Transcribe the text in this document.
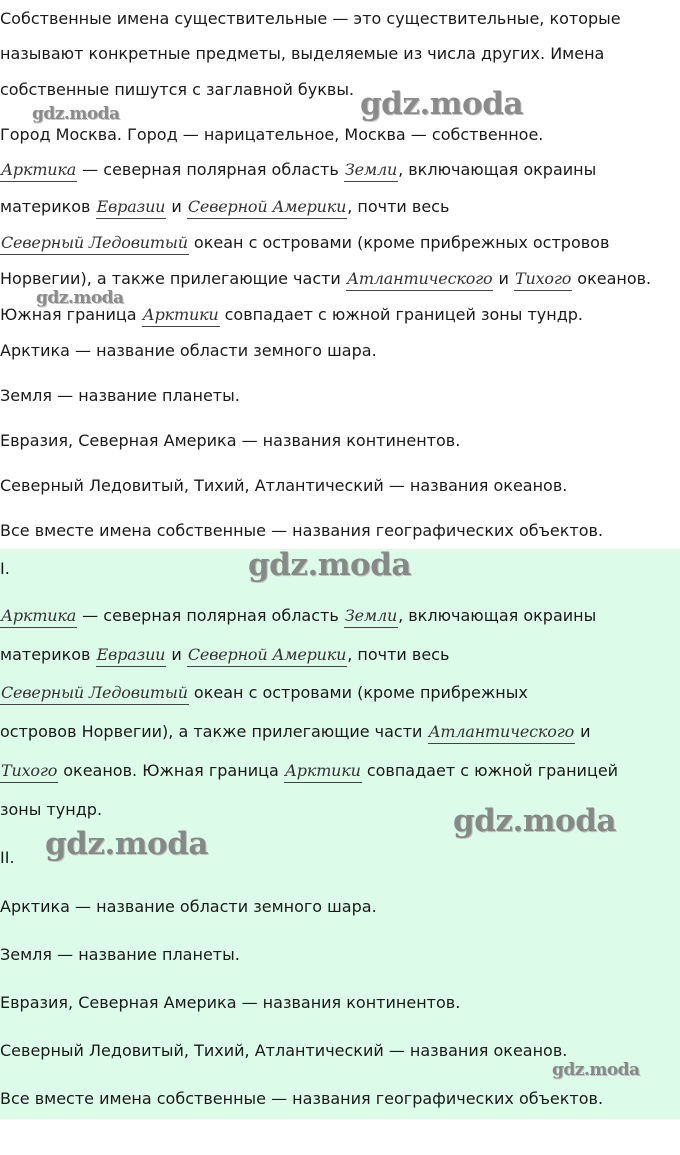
Собственные имена существительные — это существительные, которые
называют конкретные предметы, выделяемые из числа других. Имена
собственные пишутся с заглавной буквы.
Город Москва. Город — нарицательное, Москва — собственное.
Арктика — северная полярная область Земли, включающая окраины
материков Евразии и Северной Америки, почти весь
Северный Ледовитый океан с островами (кроме прибрежных островов
Норвегии), а также прилегающие части Атлантического и Тихого океанов.
Южная граница Арктики совпадает с южной границей зоны тундр.
Арктика — название области земного шара.
Земля — название планеты.
Евразия, Северная Америка — названия континентов.
Северный Ледовитый, Тихий, Атлантический — названия океанов.
Все вместе имена собственные — названия географических объектов.
I.
Арктика — северная полярная область Земли, включающая окраины
материков Евразии и Северной Америки, почти весь
Северный Ледовитый океан с островами (кроме прибрежных
островов Норвегии), а также прилегающие части Атлантического и
Тихого океанов. Южная граница Арктики совпадает с южной границей
зоны тундр.
II.
Арктика — название области земного шара.
Земля — название планеты.
Евразия, Северная Америка — названия континентов.
Северный Ледовитый, Тихий, Атлантический — названия океанов.
Все вместе имена собственные — названия географических объектов.
gdz.moda	gdz.moda
gdz.moda
gdz.moda
gdz.moda
gdz.moda
gdz.moda
